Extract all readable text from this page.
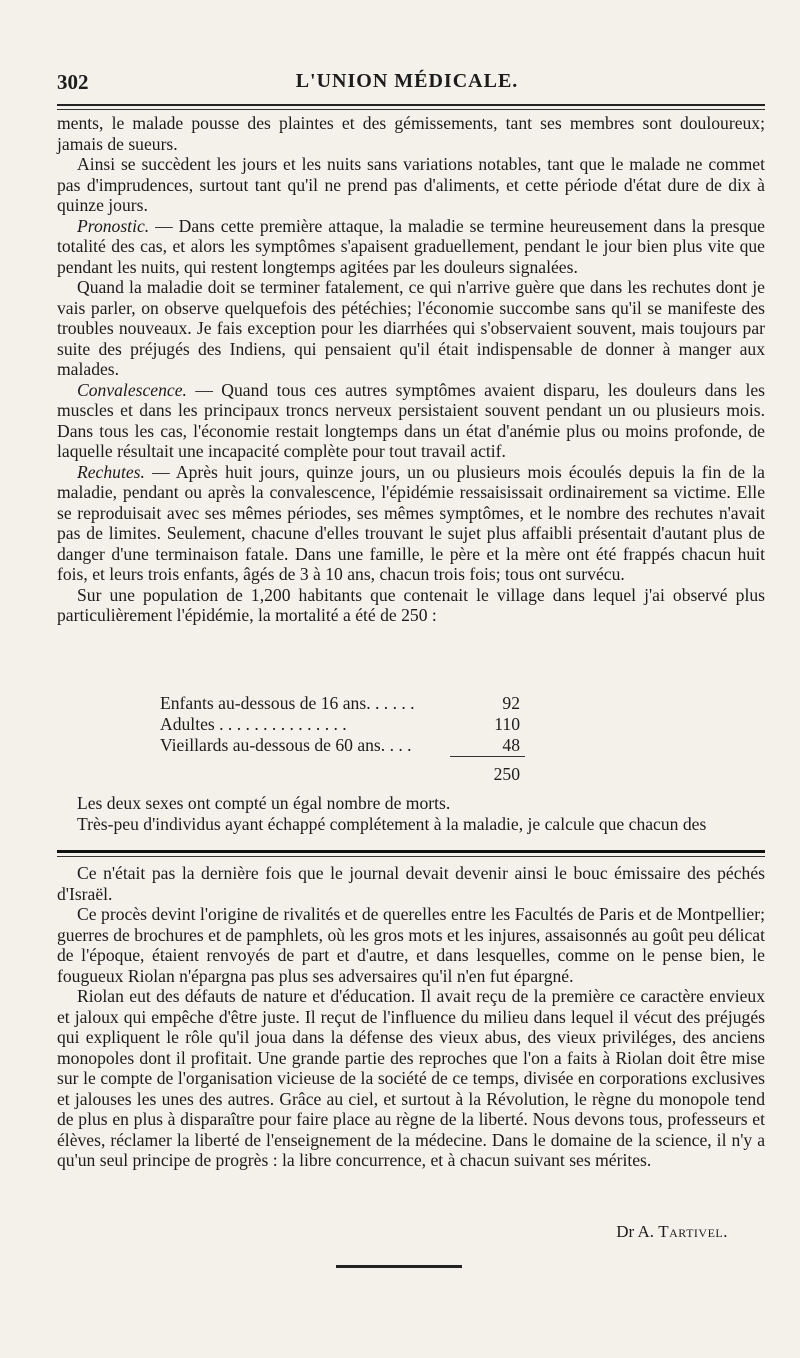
302	L'UNION MÉDICALE.

ments, le malade pousse des plaintes et des gémissements, tant ses membres sont douloureux; jamais de sueurs.

Ainsi se succèdent les jours et les nuits sans variations notables, tant que le malade ne commet pas d'imprudences, surtout tant qu'il ne prend pas d'aliments, et cette période d'état dure de dix à quinze jours.

Pronostic. — Dans cette première attaque, la maladie se termine heureusement dans la presque totalité des cas, et alors les symptômes s'apaisent graduellement, pendant le jour bien plus vite que pendant les nuits, qui restent longtemps agitées par les douleurs signalées.

Quand la maladie doit se terminer fatalement, ce qui n'arrive guère que dans les rechutes dont je vais parler, on observe quelquefois des pétéchies; l'économie succombe sans qu'il se manifeste des troubles nouveaux. Je fais exception pour les diarrhées qui s'observaient souvent, mais toujours par suite des préjugés des Indiens, qui pensaient qu'il était indispensable de donner à manger aux malades.

Convalescence. — Quand tous ces autres symptômes avaient disparu, les douleurs dans les muscles et dans les principaux troncs nerveux persistaient souvent pendant un ou plusieurs mois. Dans tous les cas, l'économie restait longtemps dans un état d'anémie plus ou moins profonde, de laquelle résultait une incapacité complète pour tout travail actif.

Rechutes. — Après huit jours, quinze jours, un ou plusieurs mois écoulés depuis la fin de la maladie, pendant ou après la convalescence, l'épidémie ressaisissait ordinairement sa victime. Elle se reproduisait avec ses mêmes périodes, ses mêmes symptômes, et le nombre des rechutes n'avait pas de limites. Seulement, chacune d'elles trouvant le sujet plus affaibli présentait d'autant plus de danger d'une terminaison fatale. Dans une famille, le père et la mère ont été frappés chacun huit fois, et leurs trois enfants, âgés de 3 à 10 ans, chacun trois fois; tous ont survécu.

Sur une population de 1,200 habitants que contenait le village dans lequel j'ai observé plus particulièrement l'épidémie, la mortalité a été de 250 :

Enfants au-dessous de 16 ans. . . . . .	92
Adultes . . . . . . . . . . . . . . .	110
Vieillards au-dessous de 60 ans. . . .	48
250

Les deux sexes ont compté un égal nombre de morts.

Très-peu d'individus ayant échappé complétement à la maladie, je calcule que chacun des

Ce n'était pas la dernière fois que le journal devait devenir ainsi le bouc émissaire des péchés d'Israël.

Ce procès devint l'origine de rivalités et de querelles entre les Facultés de Paris et de Montpellier; guerres de brochures et de pamphlets, où les gros mots et les injures, assaisonnés au goût peu délicat de l'époque, étaient renvoyés de part et d'autre, et dans lesquelles, comme on le pense bien, le fougueux Riolan n'épargna pas plus ses adversaires qu'il n'en fut épargné.

Riolan eut des défauts de nature et d'éducation. Il avait reçu de la première ce caractère envieux et jaloux qui empêche d'être juste. Il reçut de l'influence du milieu dans lequel il vécut des préjugés qui expliquent le rôle qu'il joua dans la défense des vieux abus, des vieux priviléges, des anciens monopoles dont il profitait. Une grande partie des reproches que l'on a faits à Riolan doit être mise sur le compte de l'organisation vicieuse de la société de ce temps, divisée en corporations exclusives et jalouses les unes des autres. Grâce au ciel, et surtout à la Révolution, le règne du monopole tend de plus en plus à disparaître pour faire place au règne de la liberté. Nous devons tous, professeurs et élèves, réclamer la liberté de l'enseignement de la médecine. Dans le domaine de la science, il n'y a qu'un seul principe de progrès : la libre concurrence, et à chacun suivant ses mérites.

Dr A. Tartivel.
